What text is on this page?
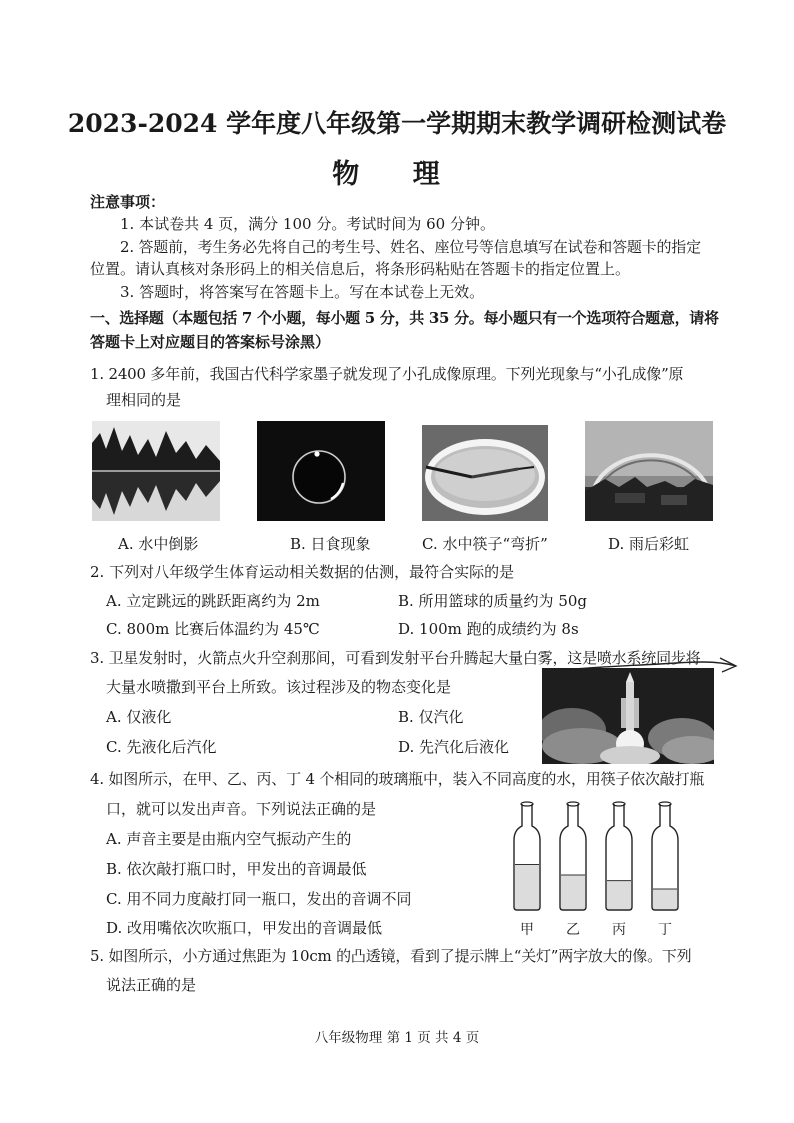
2023-2024 学年度八年级第一学期期末教学调研检测试卷
物 理
注意事项：
1. 本试卷共 4 页，满分 100 分。考试时间为 60 分钟。
2. 答题前，考生务必先将自己的考生号、姓名、座位号等信息填写在试卷和答题卡的指定
位置。请认真核对条形码上的相关信息后，将条形码粘贴在答题卡的指定位置上。
3. 答题时，将答案写在答题卡上。写在本试卷上无效。
一、选择题（本题包括 7 个小题，每小题 5 分，共 35 分。每小题只有一个选项符合题意，请将
答题卡上对应题目的答案标号涂黑）
1. 2400 多年前，我国古代科学家墨子就发现了小孔成像原理。下列光现象与“小孔成像”原
理相同的是
A. 水中倒影	B. 日食现象	C. 水中筷子“弯折”	D. 雨后彩虹
2. 下列对八年级学生体育运动相关数据的估测，最符合实际的是
A. 立定跳远的跳跃距离约为 2m	B. 所用篮球的质量约为 50g
C. 800m 比赛后体温约为 45℃	D. 100m 跑的成绩约为 8s
3. 卫星发射时，火箭点火升空刹那间，可看到发射平台升腾起大量白雾，这是喷水系统同步将
大量水喷撒到平台上所致。该过程涉及的物态变化是
A. 仅液化	B. 仅汽化
C. 先液化后汽化	D. 先汽化后液化
4. 如图所示，在甲、乙、丙、丁 4 个相同的玻璃瓶中，装入不同高度的水，用筷子依次敲打瓶
口，就可以发出声音。下列说法正确的是
A. 声音主要是由瓶内空气振动产生的
B. 依次敲打瓶口时，甲发出的音调最低
C. 用不同力度敲打同一瓶口，发出的音调不同
D. 改用嘴依次吹瓶口，甲发出的音调最低	甲 乙 丙 丁
5. 如图所示，小方通过焦距为 10cm 的凸透镜，看到了提示牌上“关灯”两字放大的像。下列
说法正确的是
八年级物理 第 1 页 共 4 页
